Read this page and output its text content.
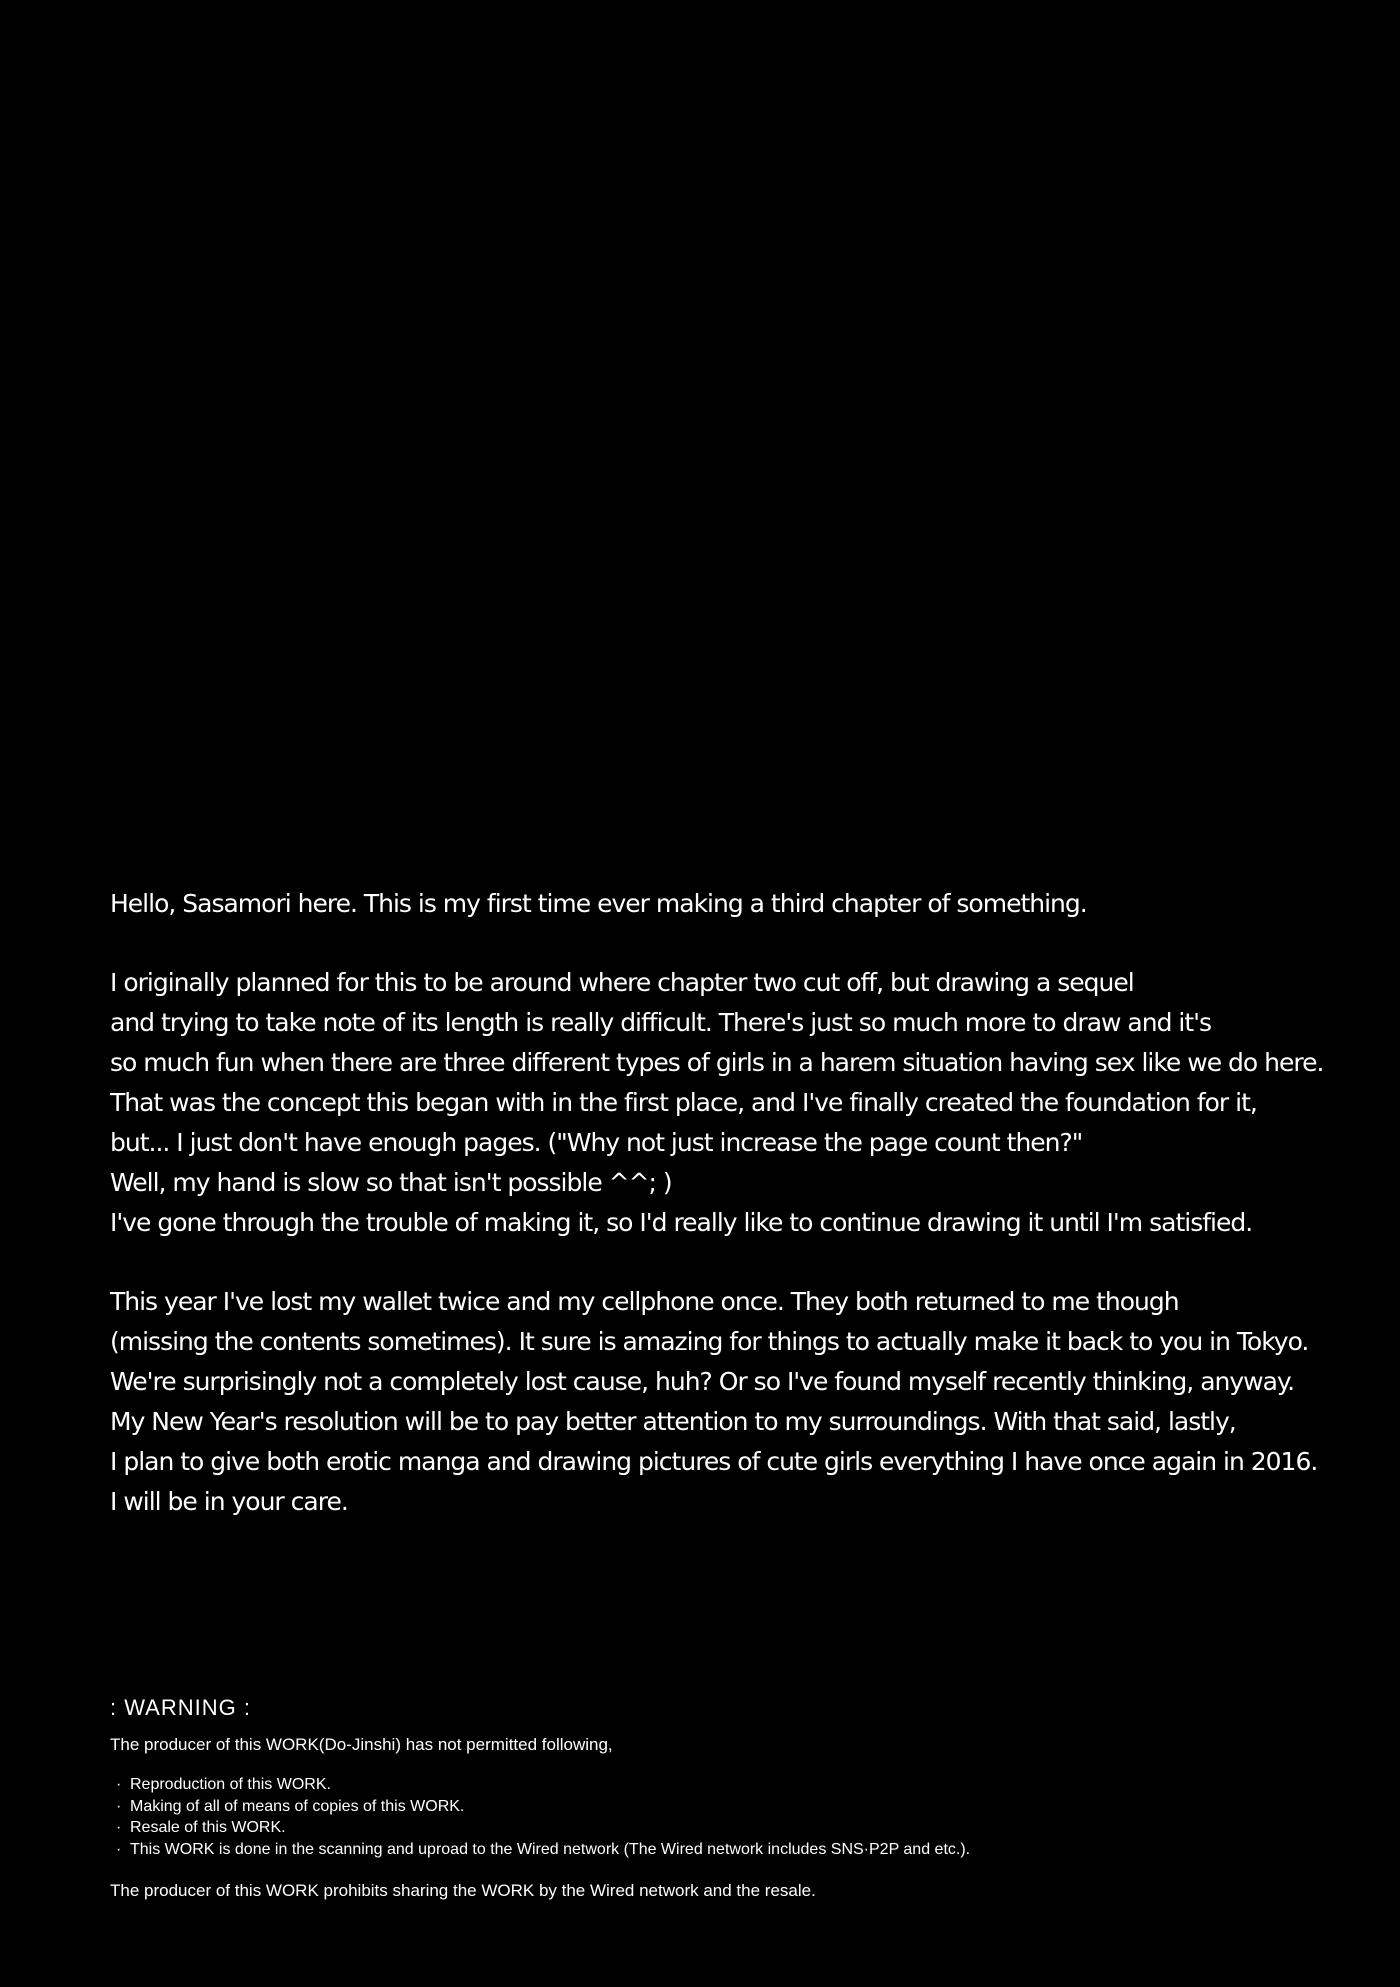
Hello, Sasamori here. This is my first time ever making a third chapter of something.
I originally planned for this to be around where chapter two cut off, but drawing a sequel
and trying to take note of its length is really difficult. There's just so much more to draw and it's
so much fun when there are three different types of girls in a harem situation having sex like we do here.
That was the concept this began with in the first place, and I've finally created the foundation for it,
but... I just don't have enough pages. ("Why not just increase the page count then?"
Well, my hand is slow so that isn't possible ^^; )
I've gone through the trouble of making it, so I'd really like to continue drawing it until I'm satisfied.
This year I've lost my wallet twice and my cellphone once. They both returned to me though
(missing the contents sometimes). It sure is amazing for things to actually make it back to you in Tokyo.
We're surprisingly not a completely lost cause, huh? Or so I've found myself recently thinking, anyway.
My New Year's resolution will be to pay better attention to my surroundings. With that said, lastly,
I plan to give both erotic manga and drawing pictures of cute girls everything I have once again in 2016.
I will be in your care.
: WARNING :
The producer of this WORK(Do-Jinshi) has not permitted following,
· Reproduction of this WORK.
· Making of all of means of copies of this WORK.
· Resale of this WORK.
· This WORK is done in the scanning and uproad to the Wired network (The Wired network includes SNS·P2P and etc.).
The producer of this WORK prohibits sharing the WORK by the Wired network and the resale.
